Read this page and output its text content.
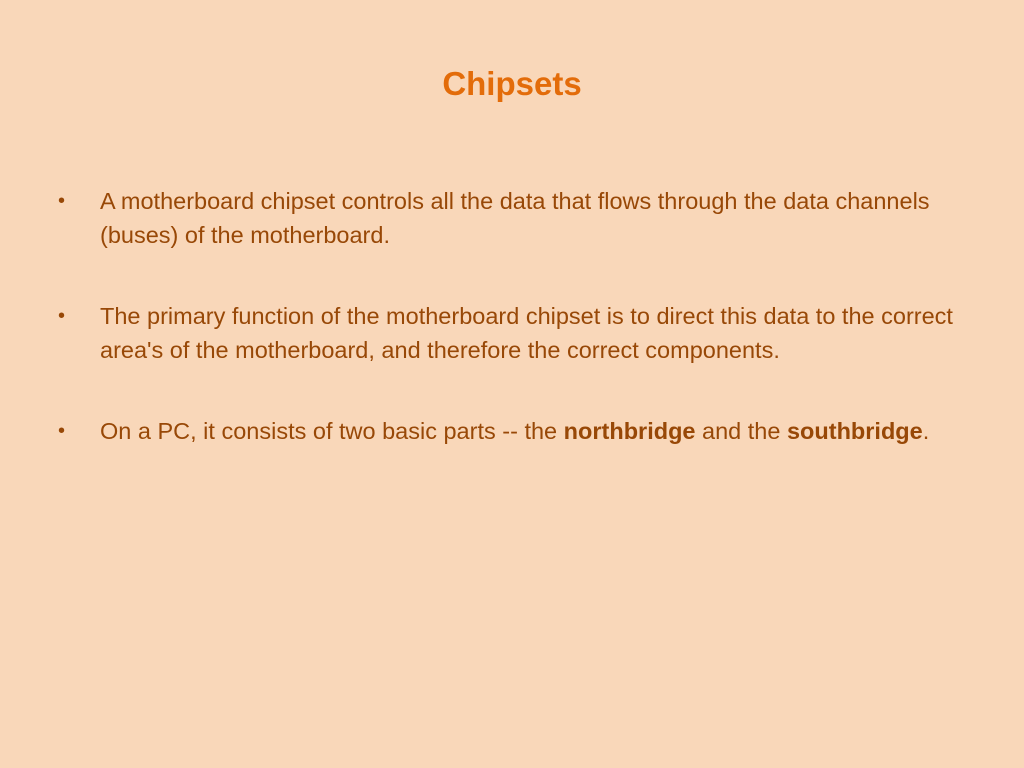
Chipsets
•	A motherboard chipset controls all the data that flows through the data channels (buses) of the motherboard.
•	The primary function of the motherboard chipset is to direct this data to the correct area's of the motherboard, and therefore the correct components.
•	On a PC, it consists of two basic parts -- the northbridge and the southbridge.
